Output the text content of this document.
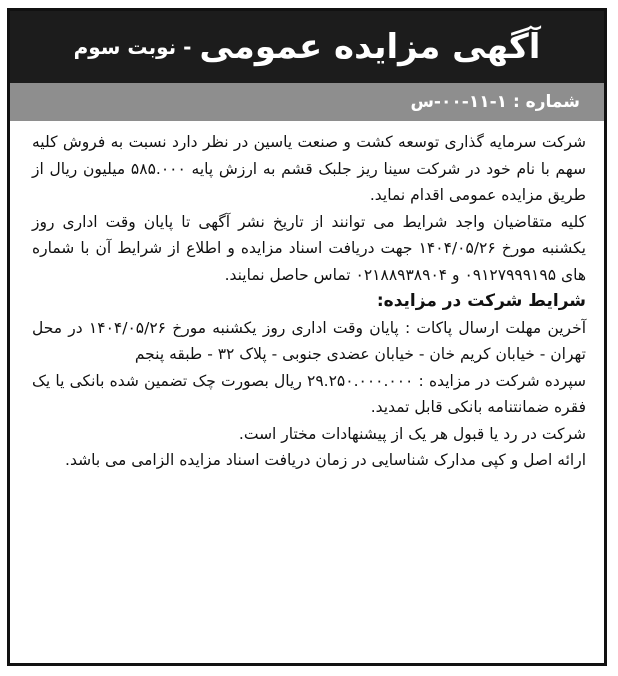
آگهی مزایده عمومی
- نوبت سوم
شماره : ۱-۱۱-۰۰-س

شرکت سرمایه گذاری توسعه کشت و صنعت یاسین در نظر دارد نسبت به فروش کلیه سهم با نام خود در شرکت سینا ریز جلبک قشم به ارزش پایه ۵۸۵.۰۰۰ میلیون ریال از طریق مزایده عمومی اقدام نماید.

کلیه متقاضیان واجد شرایط می توانند از تاریخ نشر آگهی تا پایان وقت اداری روز یکشنبه مورخ ۱۴۰۴/۰۵/۲۶ جهت دریافت اسناد مزایده و اطلاع از شرایط آن با شماره های ۰۹۱۲۷۹۹۹۱۹۵ و ۰۲۱۸۸۹۳۸۹۰۴ تماس حاصل نمایند.

شرایط شرکت در مزایده:

آخرین مهلت ارسال پاکات : پایان وقت اداری روز یکشنبه مورخ ۱۴۰۴/۰۵/۲۶ در محل تهران - خیابان کریم خان - خیابان عضدی جنوبی - پلاک ۳۲ - طبقه پنجم

سپرده شرکت در مزایده : ۲۹.۲۵۰.۰۰۰.۰۰۰ ریال بصورت چک تضمین شده بانکی یا یک فقره ضمانتنامه بانکی قابل تمدید.

شرکت در رد یا قبول هر یک از پیشنهادات مختار است.

ارائه اصل و کپی مدارک شناسایی در زمان دریافت اسناد مزایده الزامی می باشد.
